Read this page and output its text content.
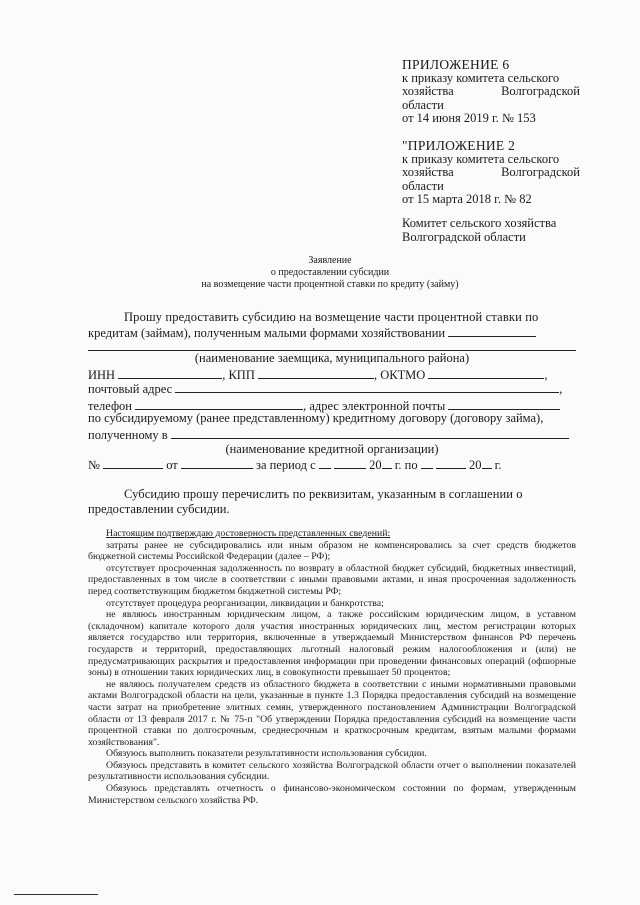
ПРИЛОЖЕНИЕ 6
к приказу комитета сельского
хозяйства	Волгоградской
области
от 14 июня 2019 г. № 153
"ПРИЛОЖЕНИЕ 2
к приказу комитета сельского
хозяйства	Волгоградской
области
от 15 марта 2018 г. № 82
Комитет сельского хозяйства
Волгоградской области
Заявление
о предоставлении субсидии
на возмещение части процентной ставки по кредиту (займу)
Прошу предоставить субсидию на возмещение части процентной ставки по
кредитам (займам), полученным малыми формами хозяйствовании
(наименование заемщика, муниципального района)
ИНН	, КПП	, ОКТМО	,
почтовый адрес	,
телефон	, адрес электронной почты
по субсидируемому (ранее представленному) кредитному договору (договору займа),
полученному в
(наименование кредитной организации)
№	от	за период с	20 г. по	20 г.
Субсидию прошу перечислить по реквизитам, указанным в соглашении о
предоставлении субсидии.

Настоящим подтверждаю достоверность представленных сведений:

затраты ранее не субсидировались или иным образом не компенсировались за счет средств бюджетов бюджетной системы Российской Федерации (далее – РФ);

отсутствует просроченная задолженность по возврату в областной бюджет субсидий, бюджетных инвестиций, предоставленных в том числе в соответствии с иными правовыми актами, и иная просроченная задолженность перед соответствующим бюджетом бюджетной системы РФ;

отсутствует процедура реорганизации, ликвидации и банкротства;

не являюсь иностранным юридическим лицом, а также российским юридическим лицом, в уставном (складочном) капитале которого доля участия иностранных юридических лиц, местом регистрации которых является государство или территория, включенные в утверждаемый Министерством финансов РФ перечень государств и территорий, предоставляющих льготный налоговый режим налогообложения и (или) не предусматривающих раскрытия и предоставления информации при проведении финансовых операций (офшорные зоны) в отношении таких юридических лиц, в совокупности превышает 50 процентов;

не являюсь получателем средств из областного бюджета в соответствии с иными нормативными правовыми актами Волгоградской области на цели, указанные в пункте 1.3 Порядка предоставления субсидий на возмещение части затрат на приобретение элитных семян, утвержденного постановлением Администрации Волгоградской области от 13 февраля 2017 г. № 75-п "Об утверждении Порядка предоставления субсидий на возмещение части процентной ставки по долгосрочным, среднесрочным и краткосрочным кредитам, взятым малыми формами хозяйствования".

Обязуюсь выполнить показатели результативности использования субсидии.

Обязуюсь представить в комитет сельского хозяйства Волгоградской области отчет о выполнении показателей результативности использования субсидии.

Обязуюсь представлять отчетность о финансово-экономическом состоянии по формам, утвержденным Министерством сельского хозяйства РФ.
